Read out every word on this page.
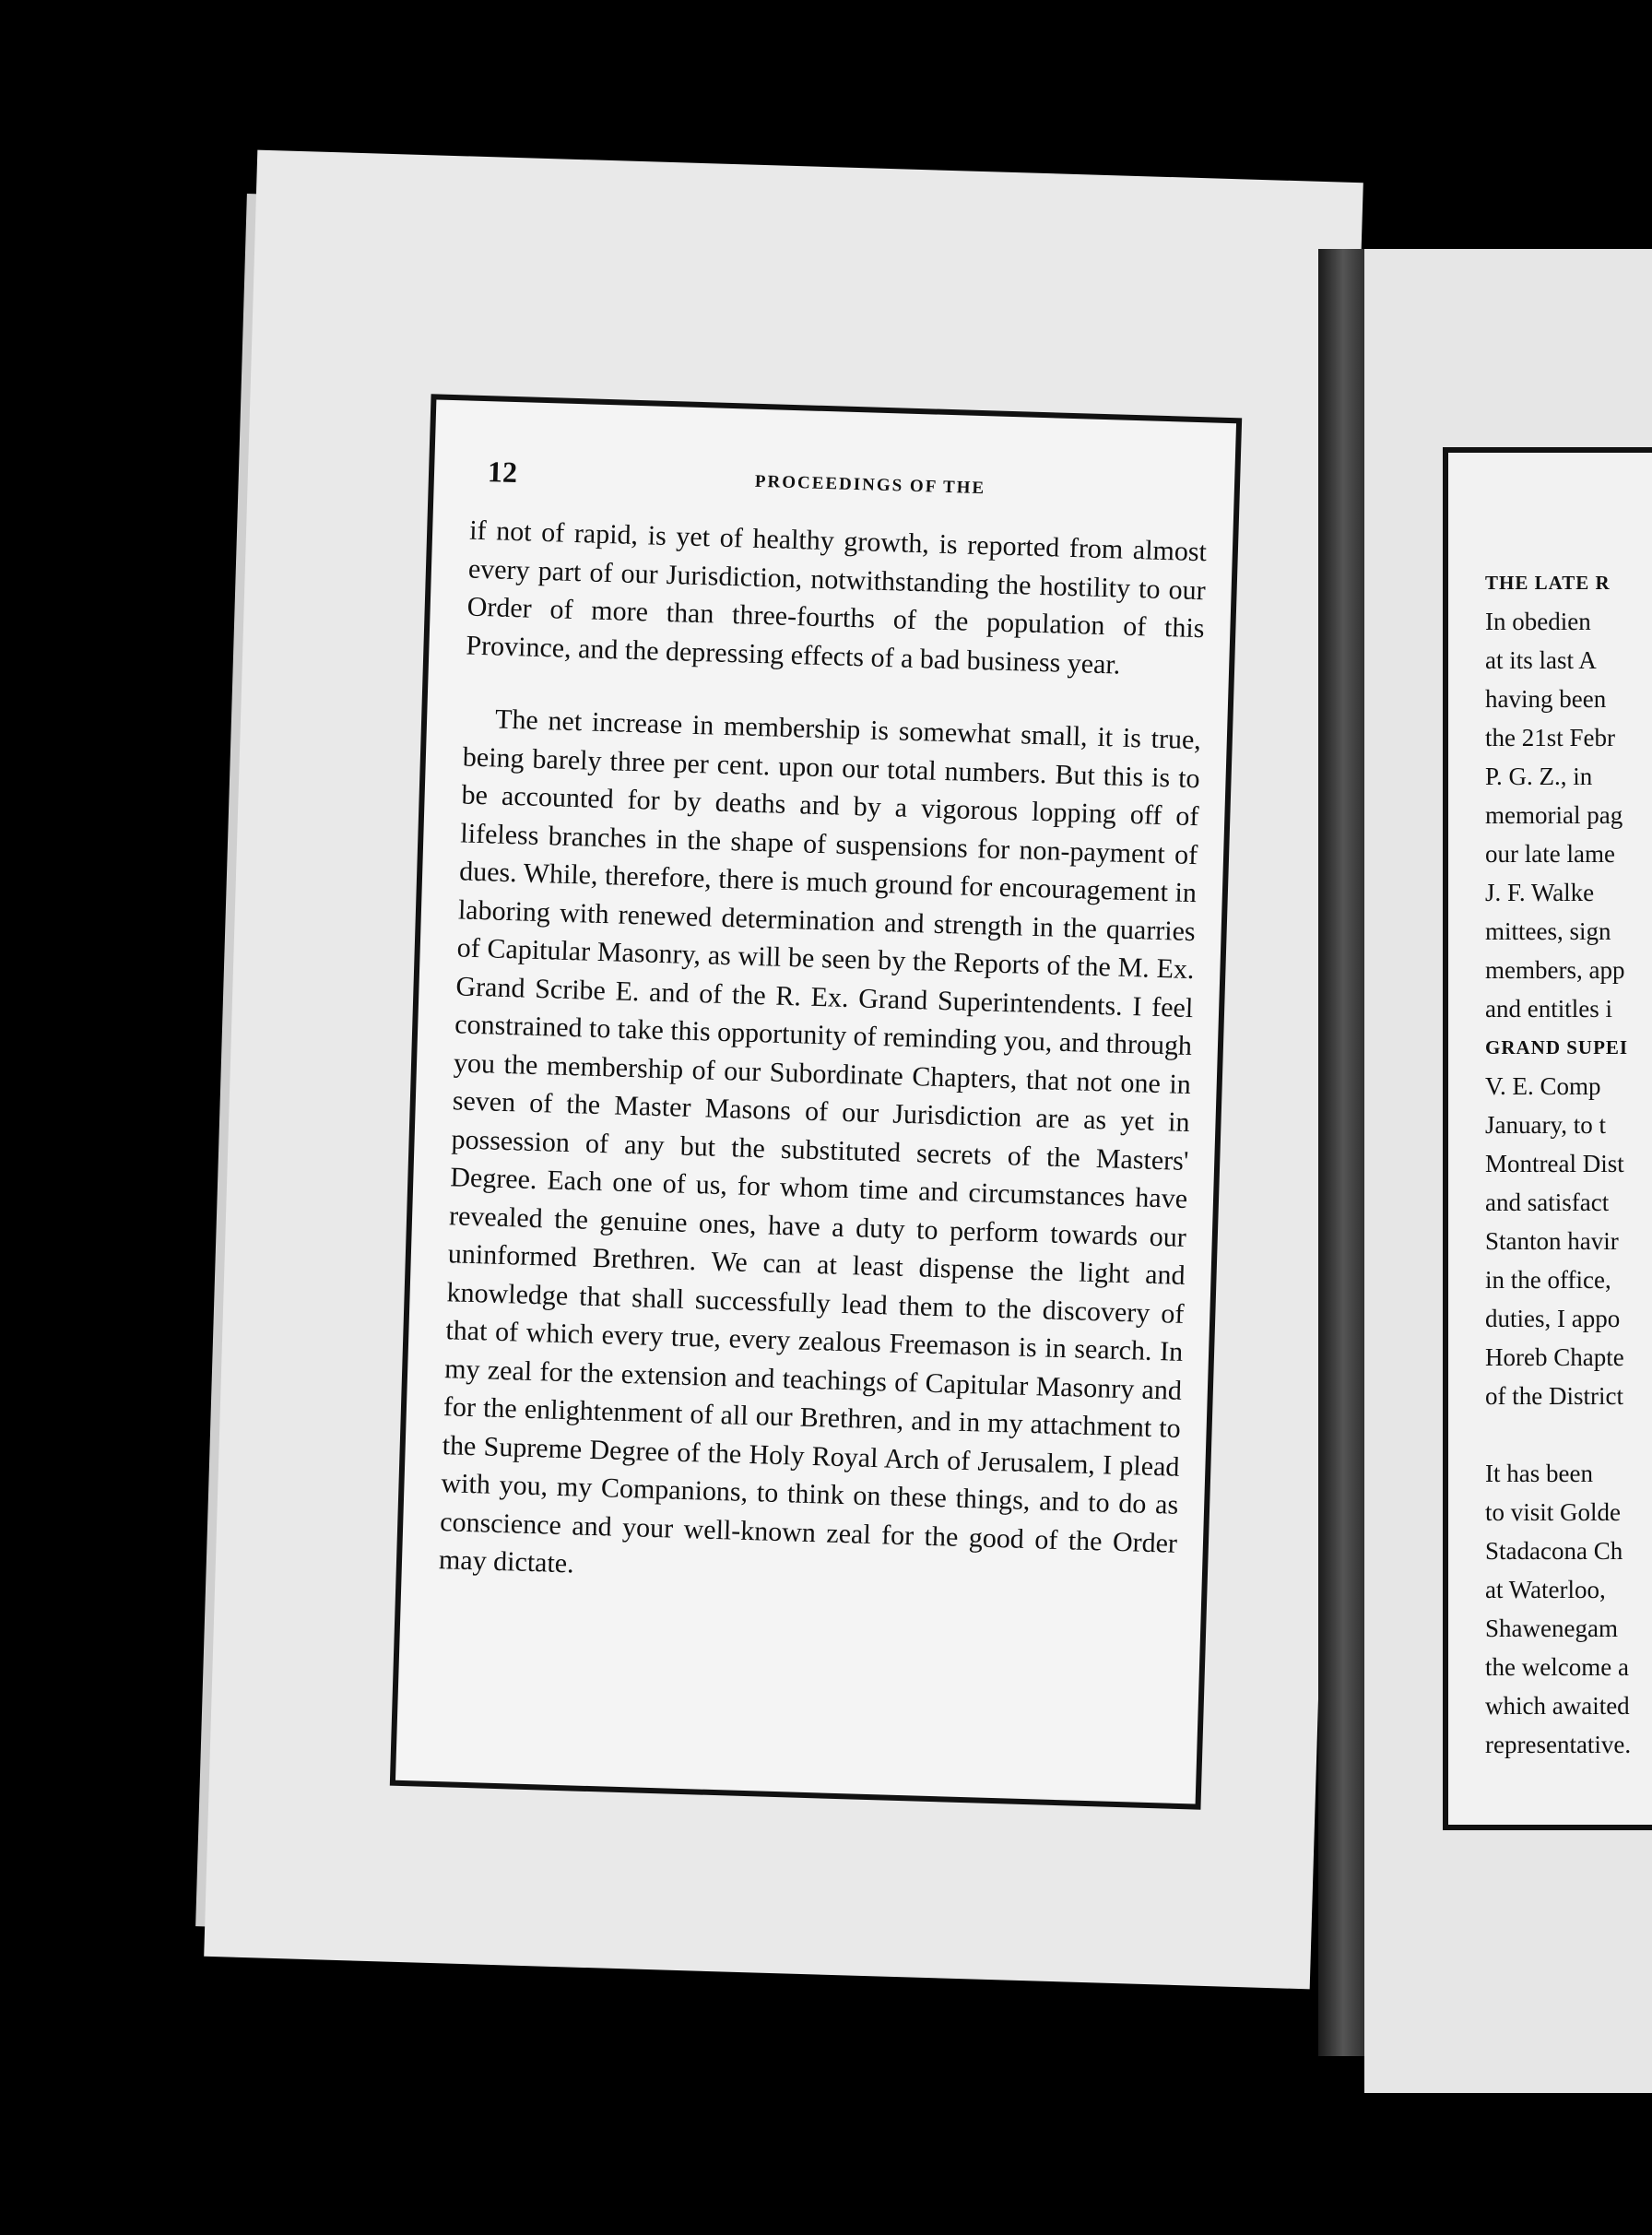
12	PROCEEDINGS OF THE

if not of rapid, is yet of healthy growth, is reported from almost every part of our Jurisdiction, notwithstanding the hostility to our Order of more than three-fourths of the population of this Province, and the depressing effects of a bad business year.

The net increase in membership is somewhat small, it is true, being barely three per cent. upon our total numbers. But this is to be accounted for by deaths and by a vigorous lopping off of lifeless branches in the shape of suspensions for non-payment of dues. While, therefore, there is much ground for encouragement in laboring with renewed determination and strength in the quarries of Capitular Masonry, as will be seen by the Reports of the M. Ex. Grand Scribe E. and of the R. Ex. Grand Superintendents. I feel constrained to take this opportunity of reminding you, and through you the membership of our Subordinate Chapters, that not one in seven of the Master Masons of our Jurisdiction are as yet in possession of any but the substituted secrets of the Masters' Degree. Each one of us, for whom time and circumstances have revealed the genuine ones, have a duty to perform towards our uninformed Brethren. We can at least dispense the light and knowledge that shall successfully lead them to the discovery of that of which every true, every zealous Freemason is in search. In my zeal for the extension and teachings of Capitular Masonry and for the enlightenment of all our Brethren, and in my attachment to the Supreme Degree of the Holy Royal Arch of Jerusalem, I plead with you, my Companions, to think on these things, and to do as conscience and your well-known zeal for the good of the Order may dictate.

THE LATE R
In obedien
at its last A
having been
the 21st Febr
P. G. Z., in
memorial pag
our late lame
J. F. Walke
mittees, sign
members, app
and entitles i
GRAND SUPEI
V. E. Comp
January, to t
Montreal Dist
and satisfact
Stanton havir
in the office,
duties, I appo
Horeb Chapte
of the District
It has been
to visit Golde
Stadacona Ch
at Waterloo,
Shawenegam
the welcome a
which awaited
representative.
